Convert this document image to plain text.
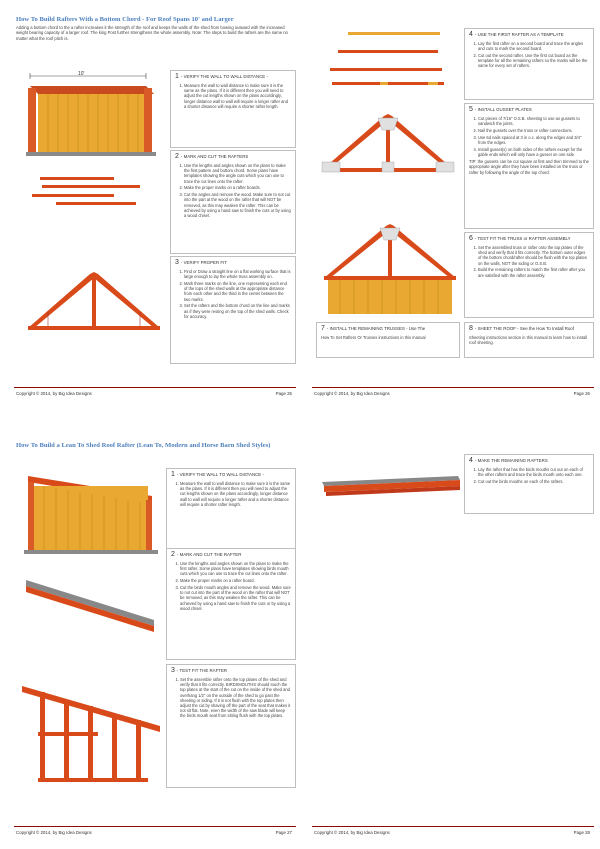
How To Build Rafters With a Bottom Chord - For Roof Spans 10' and Larger
Adding a bottom chord to the a rafter increases it the strength of the roof and keeps the walls of the shed from bowing outward with the increased weight bearing capacity of a larger roof. The king Post further strengthens the whole assembly. Note: The steps to build the rafters are the same no matter what the roof pitch is.
10'	1 - VERIFY THE WALL TO WALL DISTANCE -
1. Measure the wall to wall distance to make sure it is the same as the plans. If it is different then you will need to adjust the cut lengths shown on the plans accordingly, longer distance wall to wall will require a longer rafter and a shorter distance will require a shorter rafter length.
2 - MARK AND CUT THE RAFTERS
1. Use the lengths and angles shown on the plans to make the first pattern and bottom chord. Some plans have templates showing the angle cuts which you can use to trace the cut lines onto the rafter.
2. Make the proper marks on a rafter boards.
3. Cut the angles and remove the wood. Make sure to not cut into the part at the wood on the rafter that will NOT be removed, as this may weaken the rafter. This can be achieved by using a hand saw to finish the cuts or by using a wood chisel.
3 - VERIFY PROPER FIT
1. Find or Draw a straight line on a flat working surface that is large enough to lay the whole truss assembly on.
2. Mark three marks on the line, one representing each end of the tops of the shed walls at the appropriate distance from each other and the third in the center between the two marks.
3. Set the rafters and the bottom chord on the line and marks as if they were resting on the top of the shed walls. Check for accuracy.
Copyright © 2014, by Big Idea Designs	Page 25
4 - USE THE FIRST RAFTER AS A TEMPLATE
1. Lay the first rafter on a second board and trace the angles and cuts to mark the second board.
2. Cut out the second rafter. Use the first cut board as the template for all the remaining rafters so the marks will be the same for every set of rafters.
5 - INSTALL GUSSET PLATES
1. Cut pieces of 7/16" O.S.B. sheeting to use as gussets to sandwich the joints.
2. Nail the gussets over the truss or rafter connections.
3. Use 6d nails spaced at 3 in o.c. along the edges and 3/4" from the edges.
4. Install gusset(s) on both sides of the rafters except for the gable ends which will only have a gusset on one side.
TIP: the gussets can be cut square at first and then trimmed to the appropriate angle after they have been installed on the truss or rafter by following the angle of the top chord.
6 - TEST FIT THE TRUSS or RAFTER ASSEMBLY
1. Set the assembled truss or rafter onto the top plates of the shed and verify that it fits correctly. The bottom outer edges of the bottom chord/rafter should be flush with the top plates on the walls, NOT the siding or O.S.B.
2. Build the remaining rafters to match the first rafter after you are satisfied with the rafter assembly.
7 - INSTALL THE REMAINING TRUSSES - Use The
How To Set Rafters Or Trusses instructions in this manual
8 - SHEET THE ROOF - See the How To Install Roof
Sheeting instructions section in this manual to learn how to install roof sheeting.
Copyright © 2014, by Big Idea Designs	Page 26
How To Build a Lean To Shed Roof Rafter (Lean To, Modern and Horse Barn Shed Styles)
1 - VERIFY THE WALL TO WALL DISTANCE -
1. Measure the wall to wall distance to make sure it is the same as the plans. If it is different then you will need to adjust the cut lengths shown on the plans accordingly, longer distance wall to wall will require a longer rafter and a shorter distance will require a shorter rafter length.
2 - MARK AND CUT THE RAFTER
1. Use the lengths and angles shown on the plans to make the first rafter. Some plans have templates showing birds mouth cuts which you can use to trace the cut lines onto the rafter.
2. Make the proper marks on a rafter board.
3. Cut the birds mouth angles and remove the wood. Make sure to not cut into the part of the wood on the rafter that will NOT be removed, as this may weaken the rafter. This can be achieved by using a hand saw to finish the cuts or by using a wood chisel.
3 - TEST FIT THE RAFTER
1. Set the assemble rafter onto the top plates of the shed and verify that it fits correctly. BIRDSMOUTHS should touch the top plates at the start of the cut on the inside of the shed and overhang 1/2" on the outside of the shed to go past the sheeting or siding. If it is not flush with the top plates then adjust the cut by shaving off the part of the seat that makes it not sit flat. Note, even the width of the saw blade will keep the birds mouth seat from sitting flush with the top plates.
Copyright © 2014, by Big Idea Designs	Page 27
4 - MAKE THE REMAINING RAFTERS
1. Lay the rafter that has the birds mouths cut out on each of the other rafters and trace the birds mouth onto each one.
2. Cut out the birds mouths on each of the rafters.
Copyright © 2014, by Big Idea Designs	Page 28
